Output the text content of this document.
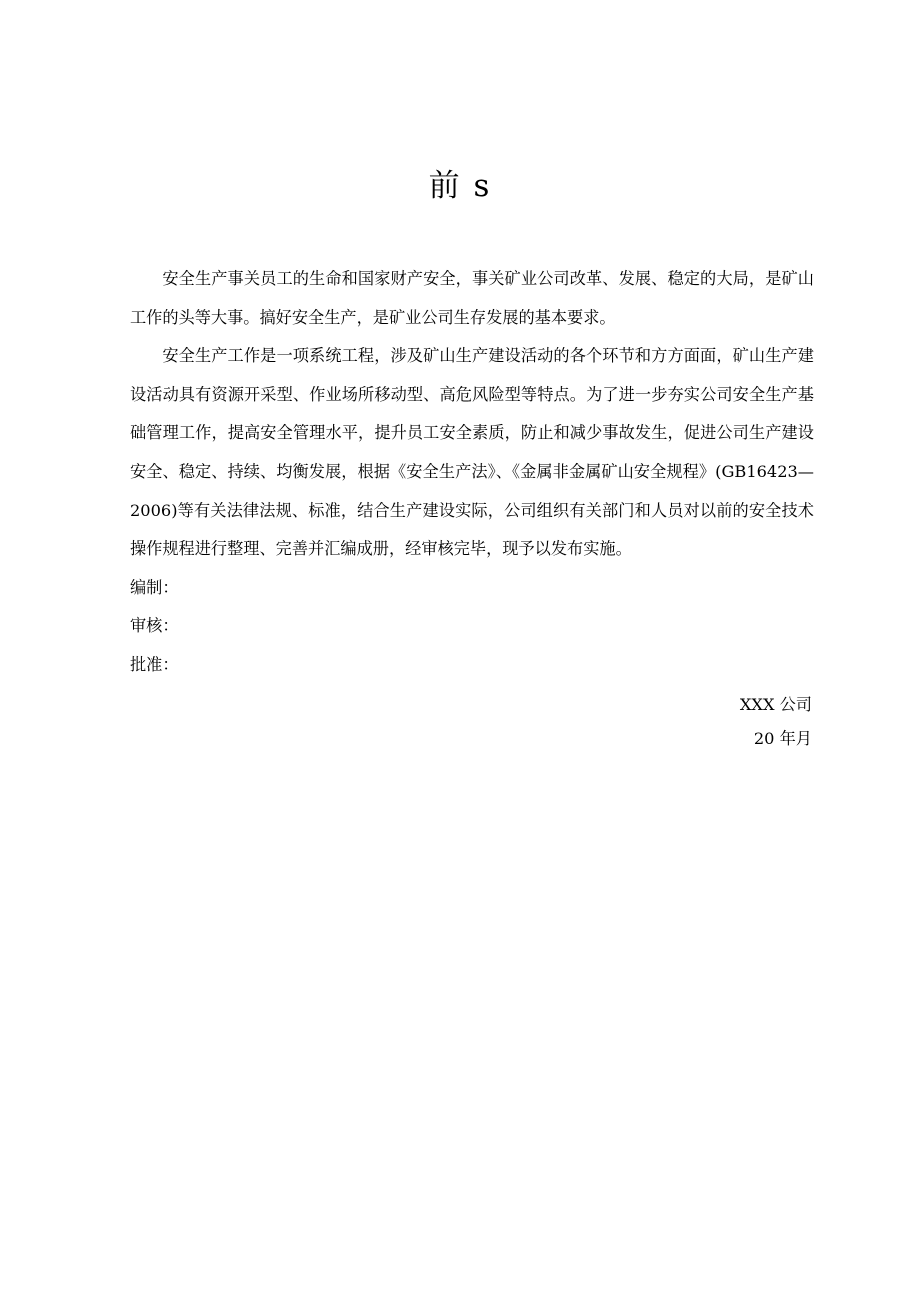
前 s

安全生产事关员工的生命和国家财产安全，事关矿业公司改革、发展、稳定的大局，是矿山工作的头等大事。搞好安全生产，是矿业公司生存发展的基本要求。

安全生产工作是一项系统工程，涉及矿山生产建设活动的各个环节和方方面面，矿山生产建设活动具有资源开采型、作业场所移动型、高危风险型等特点。为了进一步夯实公司安全生产基础管理工作，提高安全管理水平，提升员工安全素质，防止和减少事故发生，促进公司生产建设安全、稳定、持续、均衡发展，根据《安全生产法》、《金属非金属矿山安全规程》(GB16423—2006)等有关法律法规、标准，结合生产建设实际，公司组织有关部门和人员对以前的安全技术操作规程进行整理、完善并汇编成册，经审核完毕，现予以发布实施。

编制：

审核：

批准：

XXX 公司
20 年月
